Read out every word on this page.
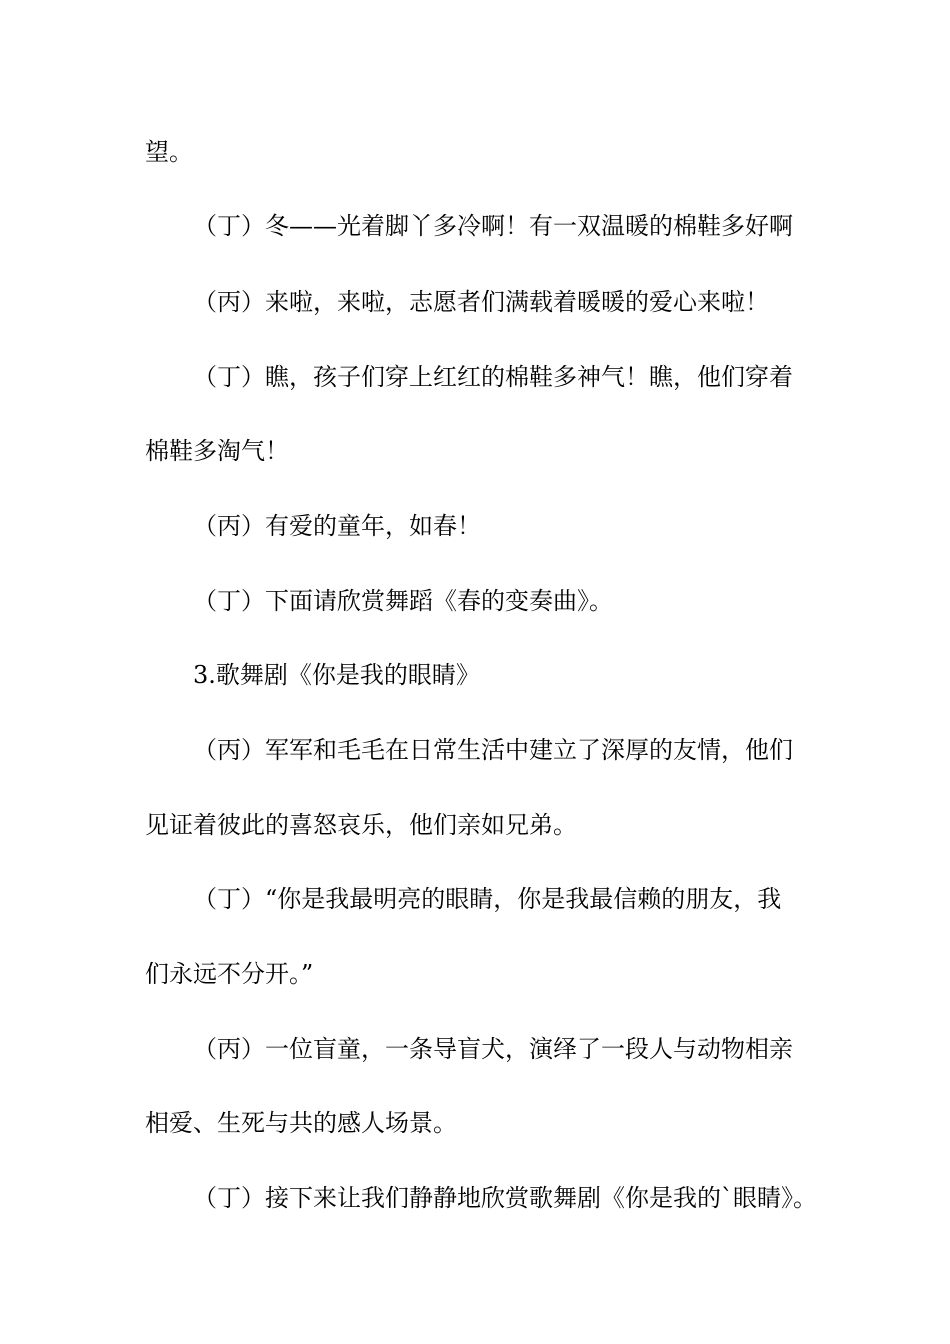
望。
（丁）冬——光着脚丫多冷啊！有一双温暖的棉鞋多好啊
（丙）来啦，来啦，志愿者们满载着暖暖的爱心来啦！
（丁）瞧，孩子们穿上红红的棉鞋多神气！瞧，他们穿着
棉鞋多淘气！
（丙）有爱的童年，如春！
（丁）下面请欣赏舞蹈《春的变奏曲》。
3.歌舞剧《你是我的眼睛》
（丙）军军和毛毛在日常生活中建立了深厚的友情，他们
见证着彼此的喜怒哀乐，他们亲如兄弟。
（丁）“你是我最明亮的眼睛，你是我最信赖的朋友，我
们永远不分开。”
（丙）一位盲童，一条导盲犬，演绎了一段人与动物相亲
相爱、生死与共的感人场景。
（丁）接下来让我们静静地欣赏歌舞剧《你是我的`眼睛》。
